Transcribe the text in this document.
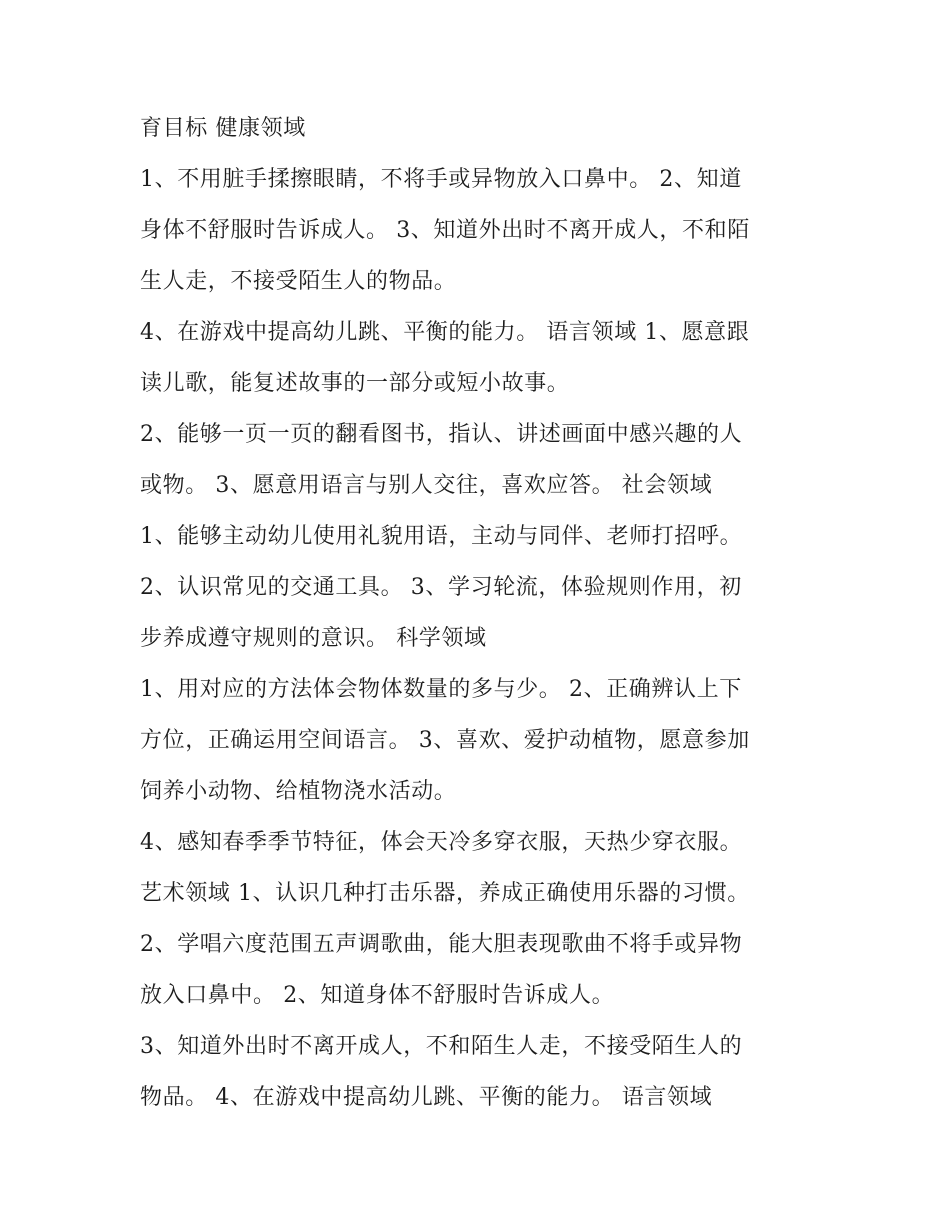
育目标 健康领域
1、不用脏手揉擦眼睛，不将手或异物放入口鼻中。 2、知道
身体不舒服时告诉成人。 3、知道外出时不离开成人，不和陌
生人走，不接受陌生人的物品。
4、在游戏中提高幼儿跳、平衡的能力。 语言领域 1、愿意跟
读儿歌，能复述故事的一部分或短小故事。
2、能够一页一页的翻看图书，指认、讲述画面中感兴趣的人
或物。 3、愿意用语言与别人交往，喜欢应答。 社会领域
1、能够主动幼儿使用礼貌用语，主动与同伴、老师打招呼。
2、认识常见的交通工具。 3、学习轮流，体验规则作用，初
步养成遵守规则的意识。 科学领域
1、用对应的方法体会物体数量的多与少。 2、正确辨认上下
方位，正确运用空间语言。 3、喜欢、爱护动植物，愿意参加
饲养小动物、给植物浇水活动。
4、感知春季季节特征，体会天冷多穿衣服，天热少穿衣服。
艺术领域 1、认识几种打击乐器，养成正确使用乐器的习惯。
2、学唱六度范围五声调歌曲，能大胆表现歌曲不将手或异物
放入口鼻中。 2、知道身体不舒服时告诉成人。
3、知道外出时不离开成人，不和陌生人走，不接受陌生人的
物品。 4、在游戏中提高幼儿跳、平衡的能力。 语言领域
